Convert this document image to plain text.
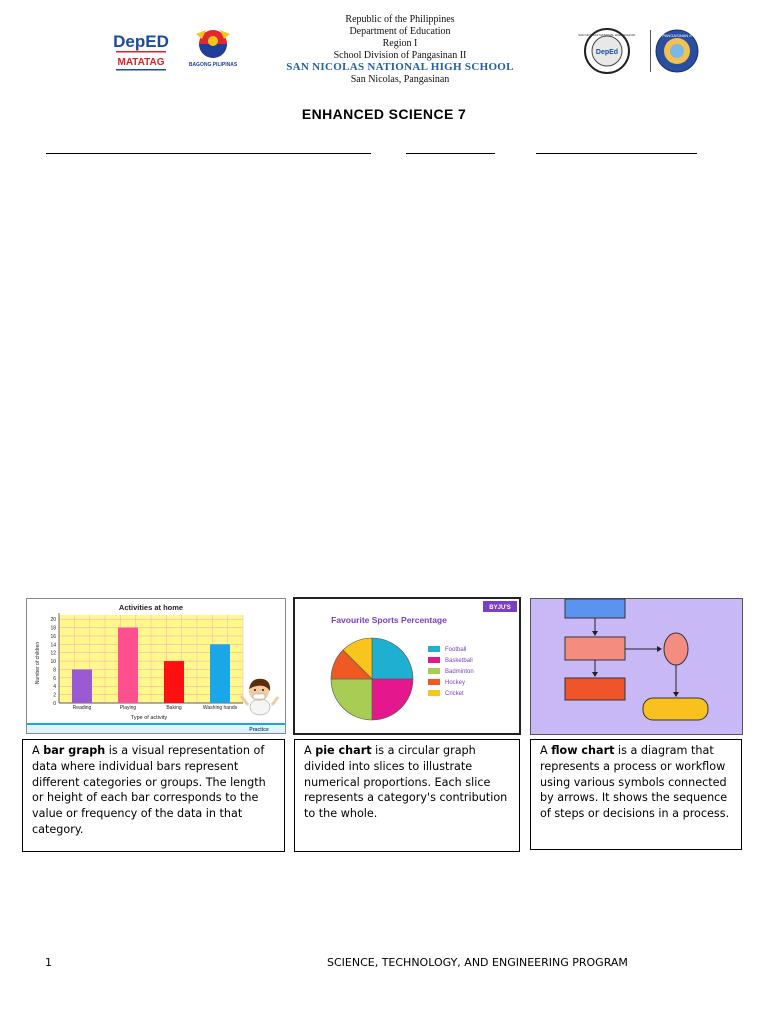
DepED
MATATAG	BAGONG PILIPINAS
DepEd
SAN NICOLAS NATIONAL HIGH SCHOOL	PANGASINAN II
Republic of the Philippines
Department of Education
Region I
School Division of Pangasinan II
SAN NICOLAS NATIONAL HIGH SCHOOL
San Nicolas, Pangasinan
ENHANCED SCIENCE 7
Activities at home
0
2
4
6
8
10
12
14
16
18
20
Reading	Playing	Baking	Washing hands
Type of activity
Number of children
Practice
A bar graph is a visual representation of data where individual bars represent different categories or groups. The length or height of each bar corresponds to the value or frequency of the data in that category.
BYJU'S
Favourite Sports Percentage
Football
Basketball
Badminton
Hockey
Cricket
A pie chart is a circular graph divided into slices to illustrate numerical proportions. Each slice represents a category's contribution to the whole.
A flow chart is a diagram that represents a process or workflow using various symbols connected by arrows. It shows the sequence of steps or decisions in a process.
1	SCIENCE, TECHNOLOGY, AND ENGINEERING PROGRAM
